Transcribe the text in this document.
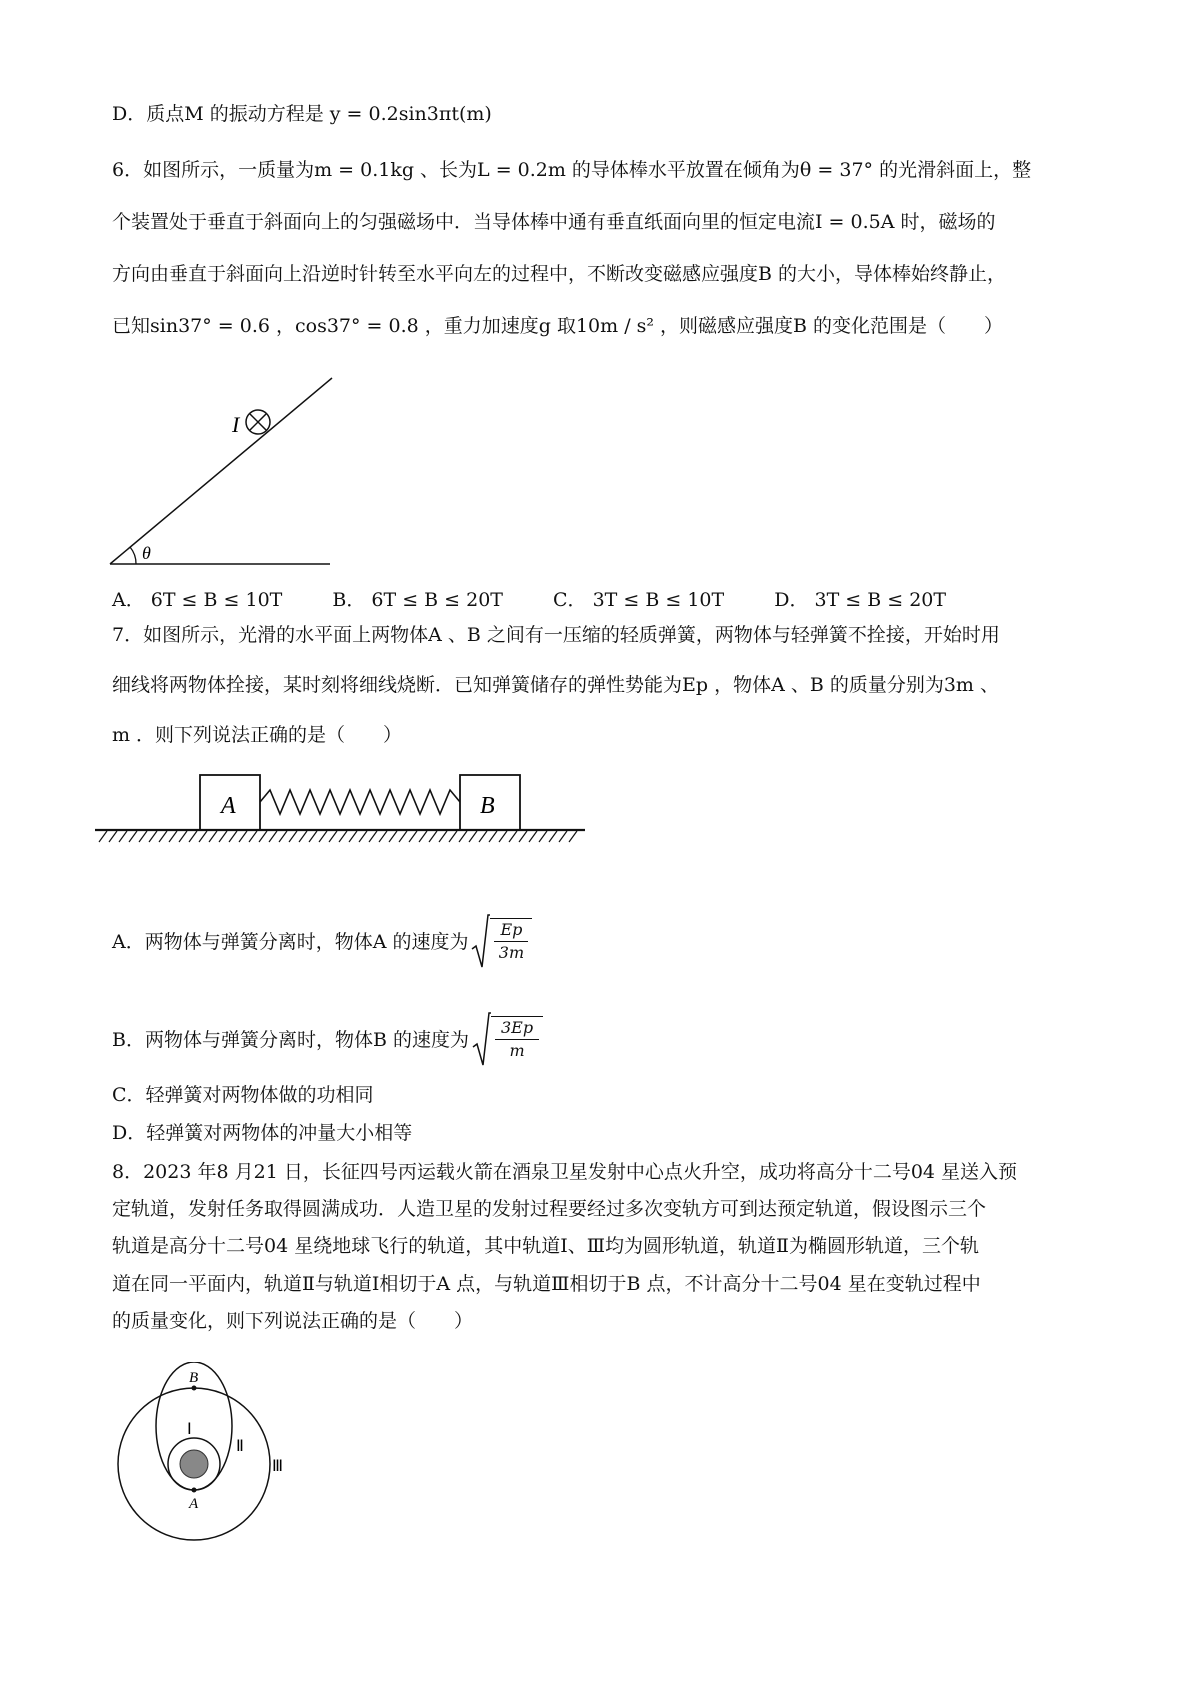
D．质点M 的振动方程是 y = 0.2sin3πt(m)
6．如图所示，一质量为m = 0.1kg 、长为L = 0.2m 的导体棒水平放置在倾角为θ = 37° 的光滑斜面上，整
个装置处于垂直于斜面向上的匀强磁场中．当导体棒中通有垂直纸面向里的恒定电流I = 0.5A 时，磁场的
方向由垂直于斜面向上沿逆时针转至水平向左的过程中，不断改变磁感应强度B 的大小，导体棒始终静止，
已知sin37° = 0.6 ，cos37° = 0.8 ，重力加速度g 取10m / s² ，则磁感应强度B 的变化范围是（　　）
θ
I
A． 6T ≤ B ≤ 10T	B． 6T ≤ B ≤ 20T	C． 3T ≤ B ≤ 10T	D． 3T ≤ B ≤ 20T
7．如图所示，光滑的水平面上两物体A 、B 之间有一压缩的轻质弹簧，两物体与轻弹簧不拴接，开始时用
细线将两物体拴接，某时刻将细线烧断．已知弹簧储存的弹性势能为Ep ，物体A 、B 的质量分别为3m 、
m ．则下列说法正确的是（　　）
A	B
A．两物体与弹簧分离时，物体A 的速度为 $\frac{Ep}{3m}$
B．两物体与弹簧分离时，物体B 的速度为 $\frac{3Ep}{m}$
C．轻弹簧对两物体做的功相同
D．轻弹簧对两物体的冲量大小相等
8．2023 年8 月21 日，长征四号丙运载火箭在酒泉卫星发射中心点火升空，成功将高分十二号04 星送入预
定轨道，发射任务取得圆满成功．人造卫星的发射过程要经过多次变轨方可到达预定轨道，假设图示三个
轨道是高分十二号04 星绕地球飞行的轨道，其中轨道Ⅰ、Ⅲ均为圆形轨道，轨道Ⅱ为椭圆形轨道，三个轨
道在同一平面内，轨道Ⅱ与轨道Ⅰ相切于A 点，与轨道Ⅲ相切于B 点，不计高分十二号04 星在变轨过程中
的质量变化，则下列说法正确的是（　　）
B
A
Ⅰ
Ⅱ
Ⅲ
